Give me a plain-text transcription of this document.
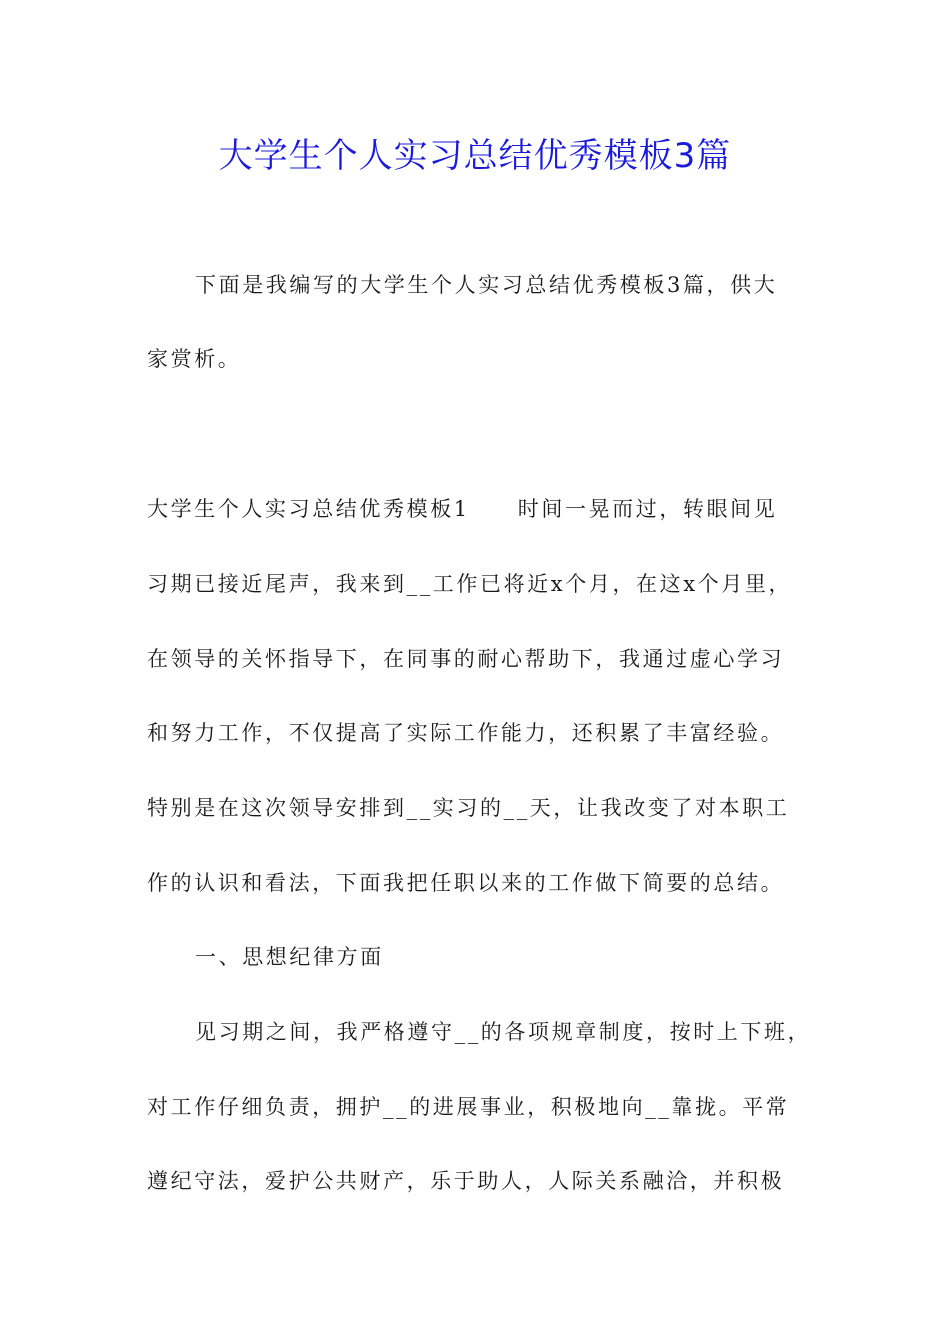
大学生个人实习总结优秀模板3篇
下面是我编写的大学生个人实习总结优秀模板3篇，供大
家赏析。
大学生个人实习总结优秀模板1 时间一晃而过，转眼间见
习期已接近尾声，我来到__工作已将近x个月，在这x个月里，
在领导的关怀指导下，在同事的耐心帮助下，我通过虚心学习
和努力工作，不仅提高了实际工作能力，还积累了丰富经验。
特别是在这次领导安排到__实习的__天，让我改变了对本职工
作的认识和看法，下面我把任职以来的工作做下简要的总结。
一、思想纪律方面
见习期之间，我严格遵守__的各项规章制度，按时上下班，
对工作仔细负责，拥护__的进展事业，积极地向__靠拢。平常
遵纪守法，爱护公共财产，乐于助人，人际关系融洽，并积极
